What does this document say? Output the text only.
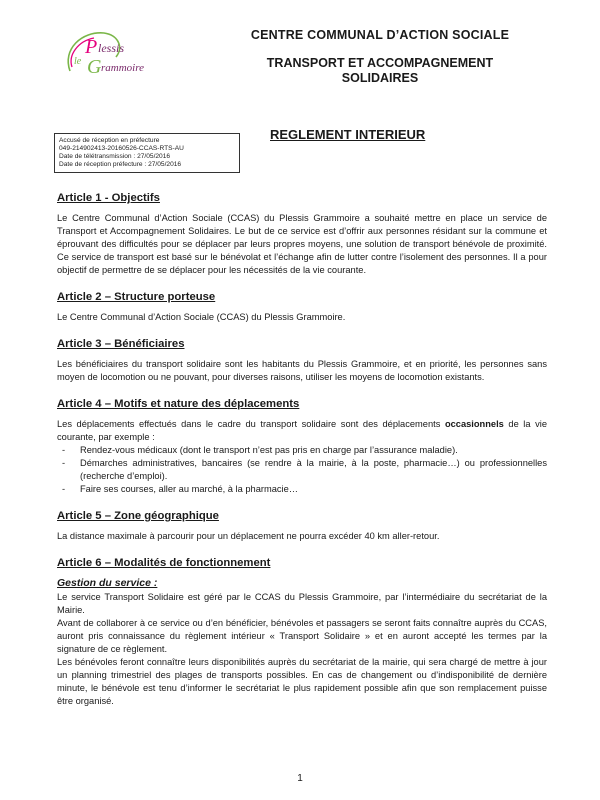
le
P lessis
G rammoire
CENTRE COMMUNAL D’ACTION SOCIALE
TRANSPORT ET ACCOMPAGNEMENT
SOLIDAIRES
Accusé de réception en préfecture
049-214902413-20160526-CCAS-RTS-AU
Date de télétransmission : 27/05/2016
Date de réception préfecture : 27/05/2016
REGLEMENT INTERIEUR
Article 1 - Objectifs

Le Centre Communal d’Action Sociale (CCAS) du Plessis Grammoire a souhaité mettre en place un service de Transport et Accompagnement Solidaires. Le but de ce service est d’offrir aux personnes résidant sur la commune et éprouvant des difficultés pour se déplacer par leurs propres moyens, une solution de transport bénévole de proximité. Ce service de transport est basé sur le bénévolat et l’échange afin de lutter contre l’isolement des personnes. Il a pour objectif de permettre de se déplacer pour les nécessités de la vie courante.

Article 2 – Structure porteuse

Le Centre Communal d’Action Sociale (CCAS) du Plessis Grammoire.

Article 3 – Bénéficiaires

Les bénéficiaires du transport solidaire sont les habitants du Plessis Grammoire, et en priorité, les personnes sans moyen de locomotion ou ne pouvant, pour diverses raisons, utiliser les moyens de locomotion existants.

Article 4 – Motifs et nature des déplacements

Les déplacements effectués dans le cadre du transport solidaire sont des déplacements occasionnels de la vie courante, par exemple :

- Rendez-vous médicaux (dont le transport n’est pas pris en charge par l’assurance maladie).
- Démarches administratives, bancaires (se rendre à la mairie, à la poste, pharmacie…) ou professionnelles (recherche d’emploi).
- Faire ses courses, aller au marché, à la pharmacie…
Article 5 – Zone géographique

La distance maximale à parcourir pour un déplacement ne pourra excéder 40 km aller-retour.

Article 6 – Modalités de fonctionnement
Gestion du service :

Le service Transport Solidaire est géré par le CCAS du Plessis Grammoire, par l’intermédiaire du secrétariat de la Mairie.

Avant de collaborer à ce service ou d’en bénéficier, bénévoles et passagers se seront faits connaître auprès du CCAS, auront pris connaissance du règlement intérieur « Transport Solidaire » et en auront accepté les termes par la signature de ce règlement.

Les bénévoles feront connaître leurs disponibilités auprès du secrétariat de la mairie, qui sera chargé de mettre à jour un planning trimestriel des plages de transports possibles. En cas de changement ou d’indisponibilité de dernière minute, le bénévole est tenu d’informer le secrétariat le plus rapidement possible afin que son remplacement puisse être organisé.

1
